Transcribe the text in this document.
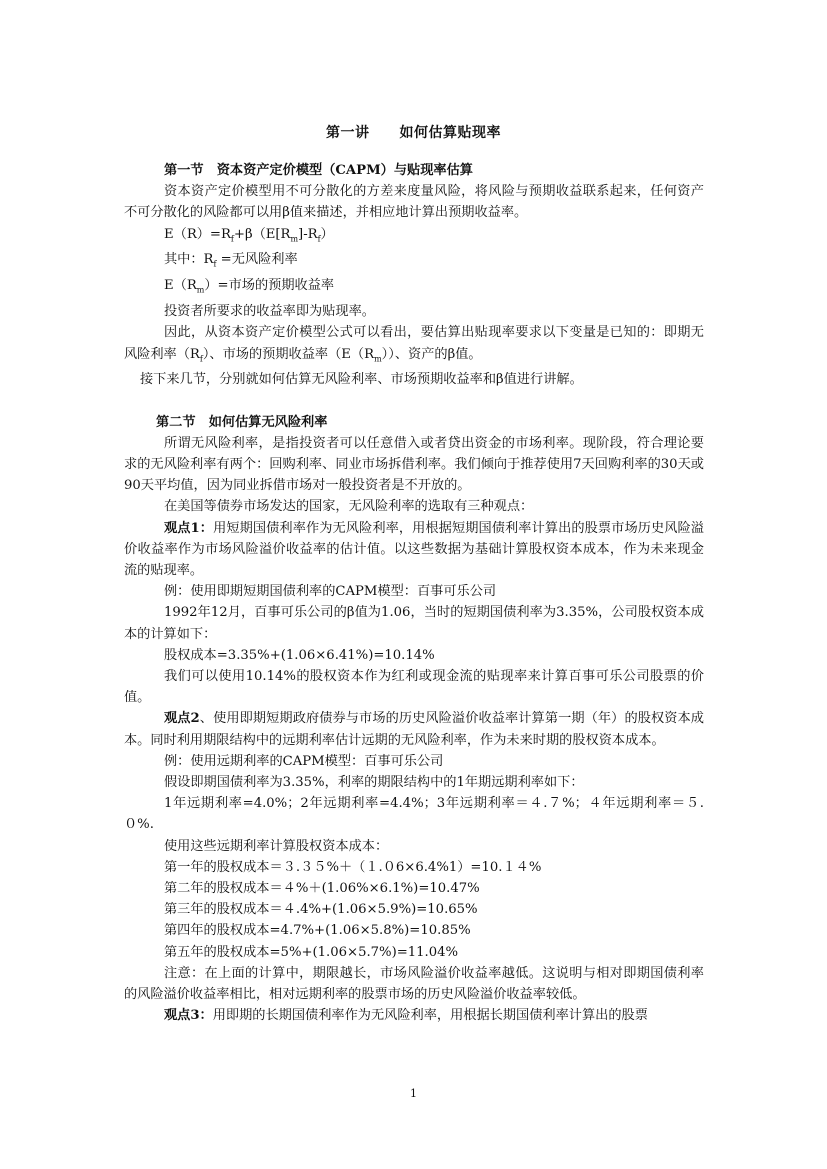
第一讲 如何估算贴现率

第一节　资本资产定价模型（CAPM）与贴现率估算

资本资产定价模型用不可分散化的方差来度量风险，将风险与预期收益联系起来，任何资产不可分散化的风险都可以用β值来描述，并相应地计算出预期收益率。

$E(R)=R_f+\beta(E[R_m]-R_f)$

其中：$R_f$ =无风险利率

$E(R_m)=$市场的预期收益率

投资者所要求的收益率即为贴现率。

因此，从资本资产定价模型公式可以看出，要估算出贴现率要求以下变量是已知的：即期无风险利率$(R_f)$、市场的预期收益率$(E(R_m))$、资产的β值。

接下来几节，分别就如何估算无风险利率、市场预期收益率和β值进行讲解。

第二节　如何估算无风险利率

所谓无风险利率，是指投资者可以任意借入或者贷出资金的市场利率。现阶段，符合理论要求的无风险利率有两个：回购利率、同业市场拆借利率。我们倾向于推荐使用7天回购利率的30天或90天平均值，因为同业拆借市场对一般投资者是不开放的。

在美国等债券市场发达的国家，无风险利率的选取有三种观点：

观点1：用短期国债利率作为无风险利率，用根据短期国债利率计算出的股票市场历史风险溢价收益率作为市场风险溢价收益率的估计值。以这些数据为基础计算股权资本成本，作为未来现金流的贴现率。

例：使用即期短期国债利率的CAPM模型：百事可乐公司

1992年12月，百事可乐公司的β值为1.06，当时的短期国债利率为3.35%，公司股权资本成本的计算如下：

股权成本=3.35%+(1.06×6.41%)=10.14%

我们可以使用10.14%的股权资本作为红利或现金流的贴现率来计算百事可乐公司股票的价值。

观点2、使用即期短期政府债券与市场的历史风险溢价收益率计算第一期（年）的股权资本成本。同时利用期限结构中的远期利率估计远期的无风险利率，作为未来时期的股权资本成本。

例：使用远期利率的CAPM模型：百事可乐公司

假设即期国债利率为3.35%，利率的期限结构中的1年期远期利率如下：

1年远期利率=4.0%；2年远期利率=4.4%；3年远期利率＝４.７%；４年远期利率＝５.０%.

使用这些远期利率计算股权资本成本：

第一年的股权成本＝３.３５%＋（１.０6×6.4%1）=10.１４%

第二年的股权成本＝４%＋(1.06%×6.1%)=10.47%

第三年的股权成本＝４.4%+(1.06×5.9%)=10.65%

第四年的股权成本=4.7%+(1.06×5.8%)=10.85%

第五年的股权成本=5%+(1.06×5.7%)=11.04%

注意：在上面的计算中，期限越长，市场风险溢价收益率越低。这说明与相对即期国债利率的风险溢价收益率相比，相对远期利率的股票市场的历史风险溢价收益率较低。

观点3：用即期的长期国债利率作为无风险利率，用根据长期国债利率计算出的股票

1
